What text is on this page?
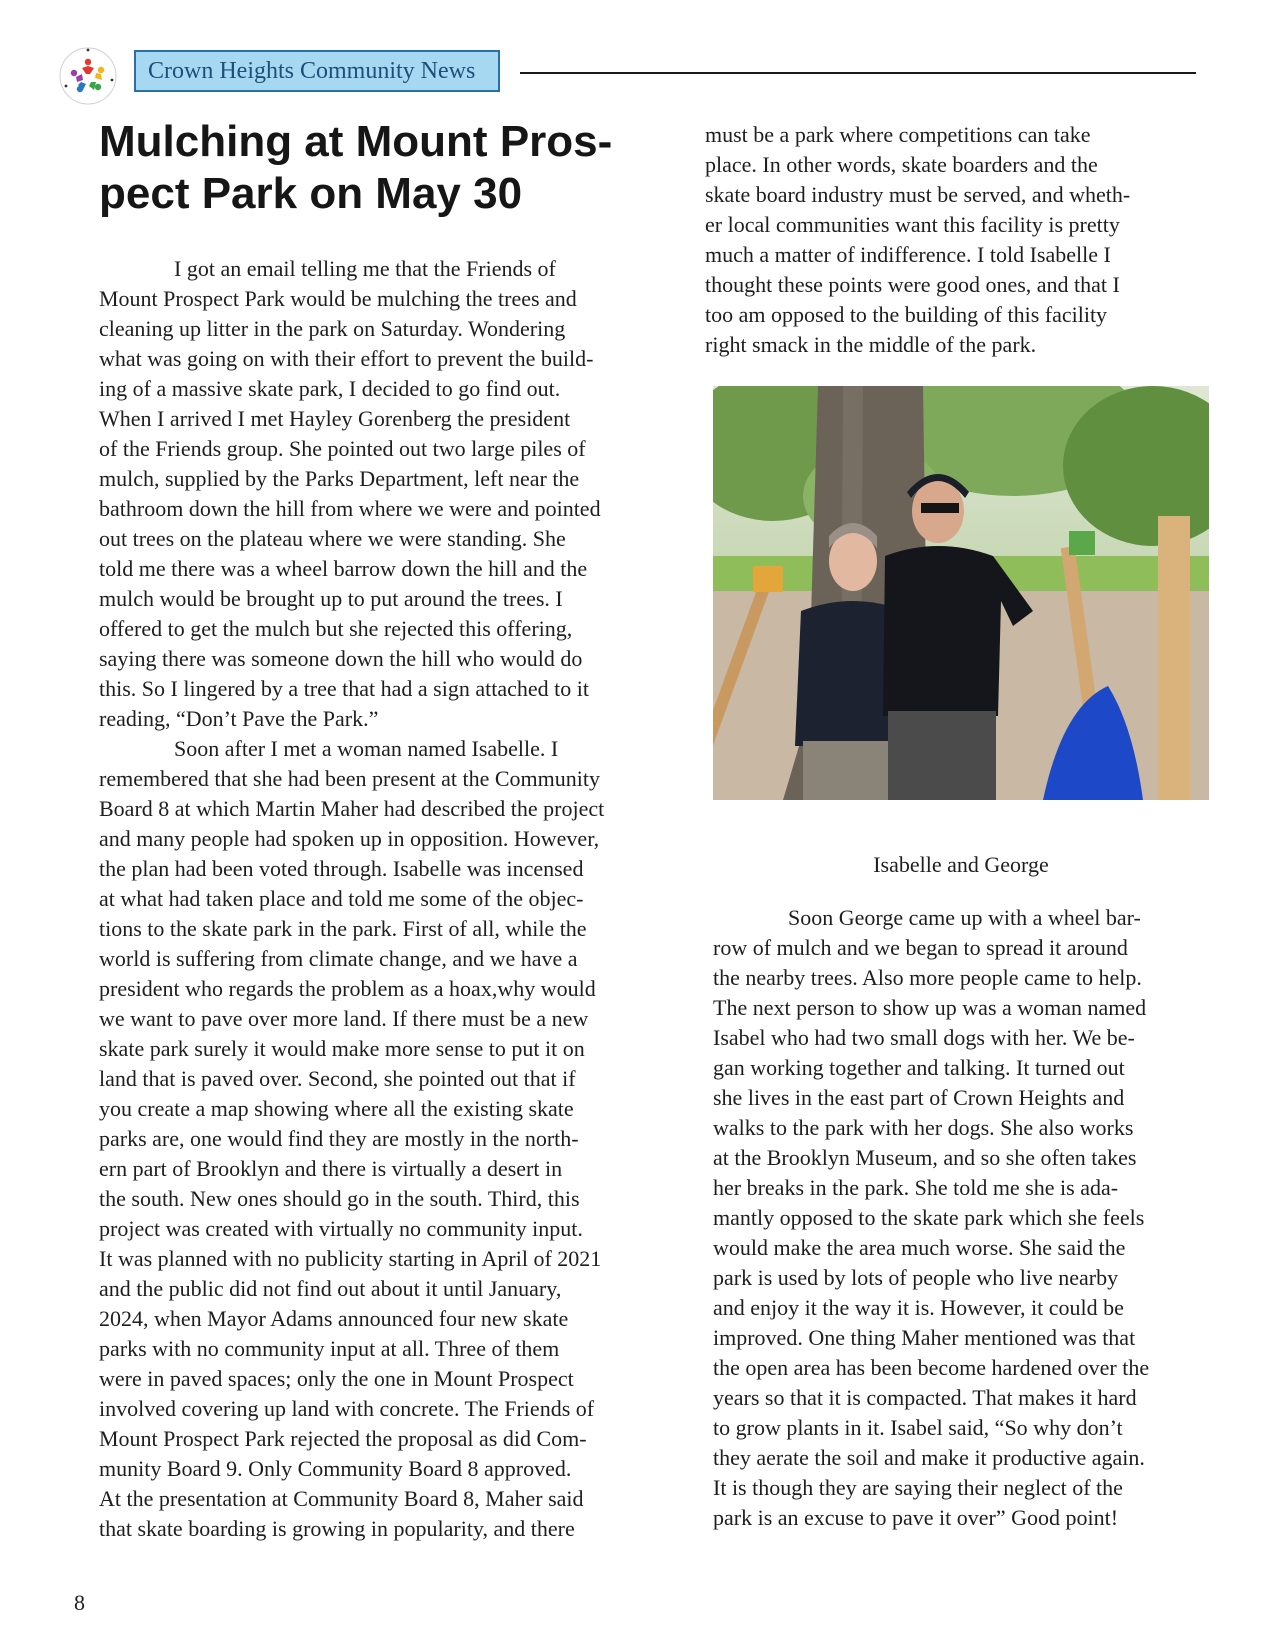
Crown Heights Community News
Mulching at Mount Pros-
pect Park on May 30

I got an email telling me that the Friends of
Mount Prospect Park would be mulching the trees and
cleaning up litter in the park on Saturday. Wondering
what was going on with their effort to prevent the build-
ing of a massive skate park, I decided to go find out.
When I arrived I met Hayley Gorenberg the president
of the Friends group. She pointed out two large piles of
mulch, supplied by the Parks Department, left near the
bathroom down the hill from where we were and pointed
out trees on the plateau where we were standing. She
told me there was a wheel barrow down the hill and the
mulch would be brought up to put around the trees. I
offered to get the mulch but she rejected this offering,
saying there was someone down the hill who would do
this. So I lingered by a tree that had a sign attached to it
reading, “Don’t Pave the Park.”

Soon after I met a woman named Isabelle. I
remembered that she had been present at the Community
Board 8 at which Martin Maher had described the project
and many people had spoken up in opposition. However,
the plan had been voted through. Isabelle was incensed
at what had taken place and told me some of the objec-
tions to the skate park in the park. First of all, while the
world is suffering from climate change, and we have a
president who regards the problem as a hoax,why would
we want to pave over more land. If there must be a new
skate park surely it would make more sense to put it on
land that is paved over. Second, she pointed out that if
you create a map showing where all the existing skate
parks are, one would find they are mostly in the north-
ern part of Brooklyn and there is virtually a desert in
the south. New ones should go in the south. Third, this
project was created with virtually no community input.
It was planned with no publicity starting in April of 2021
and the public did not find out about it until January,
2024, when Mayor Adams announced four new skate
parks with no community input at all. Three of them
were in paved spaces; only the one in Mount Prospect
involved covering up land with concrete. The Friends of
Mount Prospect Park rejected the proposal as did Com-
munity Board 9. Only Community Board 8 approved.
At the presentation at Community Board 8, Maher said
that skate boarding is growing in popularity, and there

must be a park where competitions can take
place. In other words, skate boarders and the
skate board industry must be served, and wheth-
er local communities want this facility is pretty
much a matter of indifference. I told Isabelle I
thought these points were good ones, and that I
too am opposed to the building of this facility
right smack in the middle of the park.

Isabelle and George

Soon George came up with a wheel bar-
row of mulch and we began to spread it around
the nearby trees. Also more people came to help.
The next person to show up was a woman named
Isabel who had two small dogs with her. We be-
gan working together and talking. It turned out
she lives in the east part of Crown Heights and
walks to the park with her dogs. She also works
at the Brooklyn Museum, and so she often takes
her breaks in the park. She told me she is ada-
mantly opposed to the skate park which she feels
would make the area much worse. She said the
park is used by lots of people who live nearby
and enjoy it the way it is. However, it could be
improved. One thing Maher mentioned was that
the open area has been become hardened over the
years so that it is compacted. That makes it hard
to grow plants in it. Isabel said, “So why don’t
they aerate the soil and make it productive again.
It is though they are saying their neglect of the
park is an excuse to pave it over” Good point!

8
